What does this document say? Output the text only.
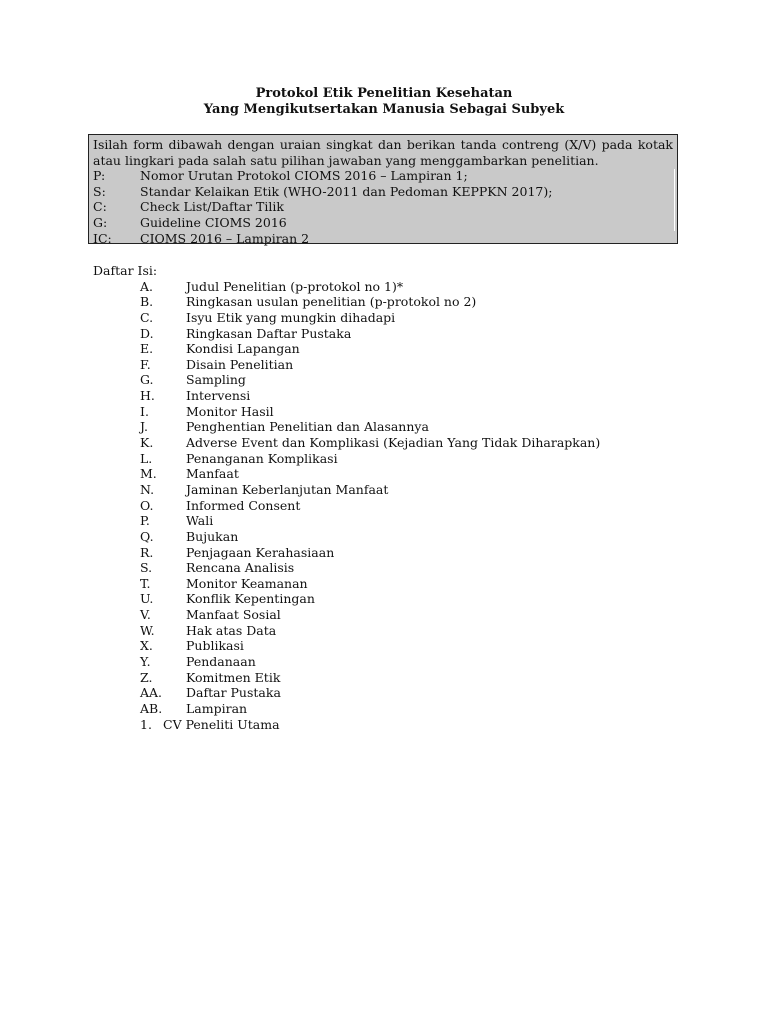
Protokol Etik Penelitian Kesehatan
Yang Mengikutsertakan Manusia Sebagai Subyek
Isilah form dibawah dengan uraian singkat dan berikan tanda contreng (X/V) pada kotak atau lingkari pada salah satu pilihan jawaban yang menggambarkan penelitian.
P:	Nomor Urutan Protokol CIOMS 2016 – Lampiran 1;
S:	Standar Kelaikan Etik (WHO-2011 dan Pedoman KEPPKN 2017);
C:	Check List/Daftar Tilik
G:	Guideline CIOMS 2016
IC:	CIOMS 2016 – Lampiran 2
Daftar Isi:
A.	Judul Penelitian (p-protokol no 1)*
B.	Ringkasan usulan penelitian (p-protokol no 2)
C.	Isyu Etik yang mungkin dihadapi
D.	Ringkasan Daftar Pustaka
E.	Kondisi Lapangan
F.	Disain Penelitian
G.	Sampling
H.	Intervensi
I.	Monitor Hasil
J.	Penghentian Penelitian dan Alasannya
K.	Adverse Event dan Komplikasi (Kejadian Yang Tidak Diharapkan)
L.	Penanganan Komplikasi
M.	Manfaat
N.	Jaminan Keberlanjutan Manfaat
O.	Informed Consent
P.	Wali
Q.	Bujukan
R.	Penjagaan Kerahasiaan
S.	Rencana Analisis
T.	Monitor Keamanan
U.	Konflik Kepentingan
V.	Manfaat Sosial
W.	Hak atas Data
X.	Publikasi
Y.	Pendanaan
Z.	Komitmen Etik
AA.	Daftar Pustaka
AB.	Lampiran
1. CV Peneliti Utama
